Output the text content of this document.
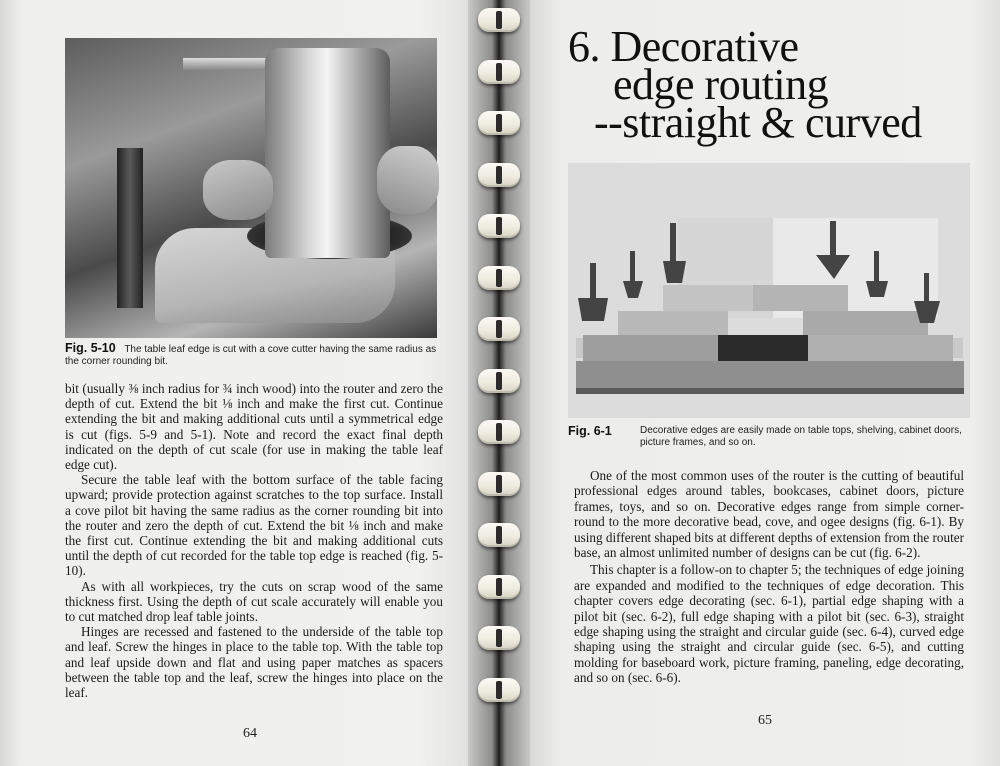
Fig. 5-10 The table leaf edge is cut with a cove cutter having the same radius as the corner rounding bit.

bit (usually ⅜ inch radius for ¾ inch wood) into the router and zero the depth of cut. Extend the bit ⅛ inch and make the first cut. Continue extending the bit and making additional cuts until a symmetrical edge is cut (figs. 5-9 and 5-1). Note and record the exact final depth indicated on the depth of cut scale (for use in making the table leaf edge cut).

Secure the table leaf with the bottom surface of the table facing upward; provide protection against scratches to the top surface. Install a cove pilot bit having the same radius as the corner rounding bit into the router and zero the depth of cut. Extend the bit ⅛ inch and make the first cut. Continue extending the bit and making additional cuts until the depth of cut recorded for the table top edge is reached (fig. 5-10).

As with all workpieces, try the cuts on scrap wood of the same thickness first. Using the depth of cut scale accurately will enable you to cut matched drop leaf table joints.

Hinges are recessed and fastened to the underside of the table top and leaf. Screw the hinges in place to the table top. With the table top and leaf upside down and flat and using paper matches as spacers between the table top and the leaf, screw the hinges into place on the leaf.

64
6. Decorative
edge routing
--straight & curved
Fig. 6-1	Decorative edges are easily made on table tops, shelving, cabinet doors, picture frames, and so on.

One of the most common uses of the router is the cutting of beautiful professional edges around tables, bookcases, cabinet doors, picture frames, toys, and so on. Decorative edges range from simple corner-round to the more decorative bead, cove, and ogee designs (fig. 6-1). By using different shaped bits at different depths of extension from the router base, an almost unlimited number of designs can be cut (fig. 6-2).

This chapter is a follow-on to chapter 5; the techniques of edge joining are expanded and modified to the techniques of edge decoration. This chapter covers edge decorating (sec. 6-1), partial edge shaping with a pilot bit (sec. 6-2), full edge shaping with a pilot bit (sec. 6-3), straight edge shaping using the straight and circular guide (sec. 6-4), curved edge shaping using the straight and circular guide (sec. 6-5), and cutting molding for baseboard work, picture framing, paneling, edge decorating, and so on (sec. 6-6).

65
